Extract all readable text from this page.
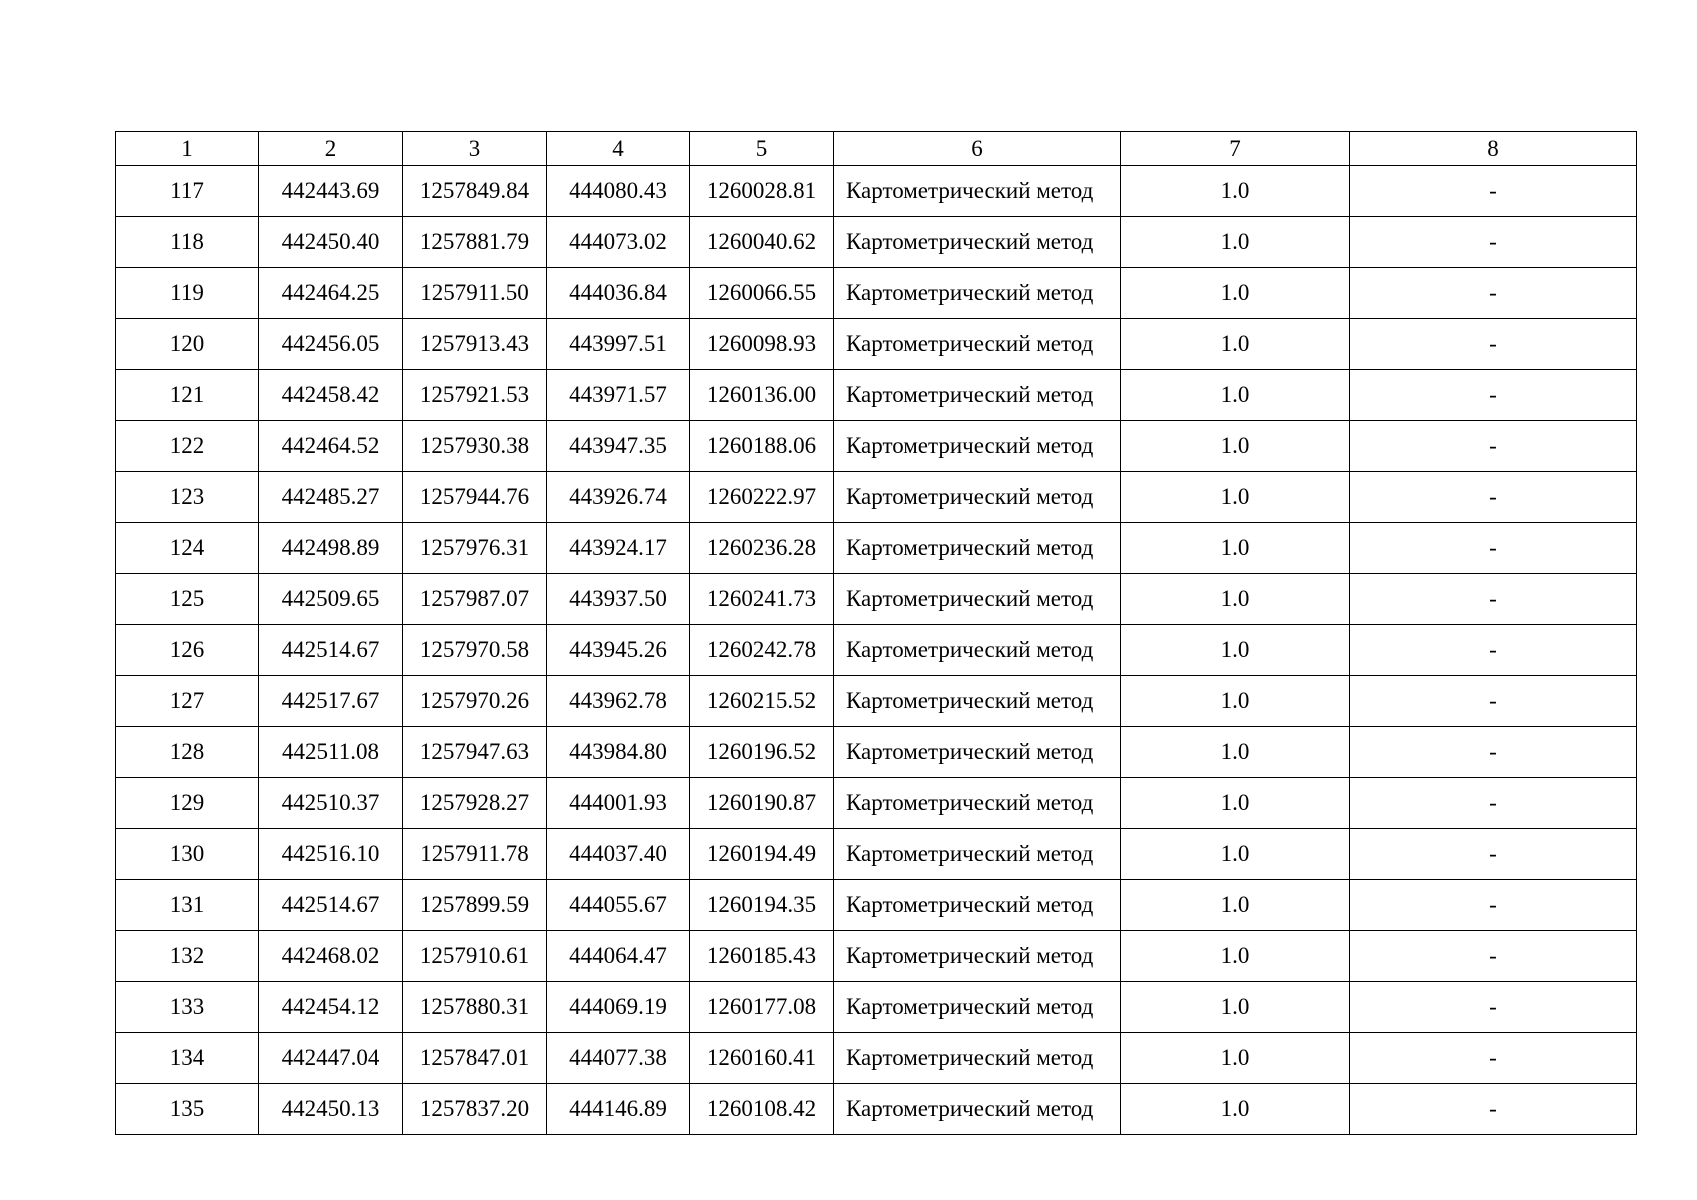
1	2	3	4	5	6	7	8
117	442443.69	1257849.84	444080.43	1260028.81	Картометрический метод	1.0	-
118	442450.40	1257881.79	444073.02	1260040.62	Картометрический метод	1.0	-
119	442464.25	1257911.50	444036.84	1260066.55	Картометрический метод	1.0	-
120	442456.05	1257913.43	443997.51	1260098.93	Картометрический метод	1.0	-
121	442458.42	1257921.53	443971.57	1260136.00	Картометрический метод	1.0	-
122	442464.52	1257930.38	443947.35	1260188.06	Картометрический метод	1.0	-
123	442485.27	1257944.76	443926.74	1260222.97	Картометрический метод	1.0	-
124	442498.89	1257976.31	443924.17	1260236.28	Картометрический метод	1.0	-
125	442509.65	1257987.07	443937.50	1260241.73	Картометрический метод	1.0	-
126	442514.67	1257970.58	443945.26	1260242.78	Картометрический метод	1.0	-
127	442517.67	1257970.26	443962.78	1260215.52	Картометрический метод	1.0	-
128	442511.08	1257947.63	443984.80	1260196.52	Картометрический метод	1.0	-
129	442510.37	1257928.27	444001.93	1260190.87	Картометрический метод	1.0	-
130	442516.10	1257911.78	444037.40	1260194.49	Картометрический метод	1.0	-
131	442514.67	1257899.59	444055.67	1260194.35	Картометрический метод	1.0	-
132	442468.02	1257910.61	444064.47	1260185.43	Картометрический метод	1.0	-
133	442454.12	1257880.31	444069.19	1260177.08	Картометрический метод	1.0	-
134	442447.04	1257847.01	444077.38	1260160.41	Картометрический метод	1.0	-
135	442450.13	1257837.20	444146.89	1260108.42	Картометрический метод	1.0	-
